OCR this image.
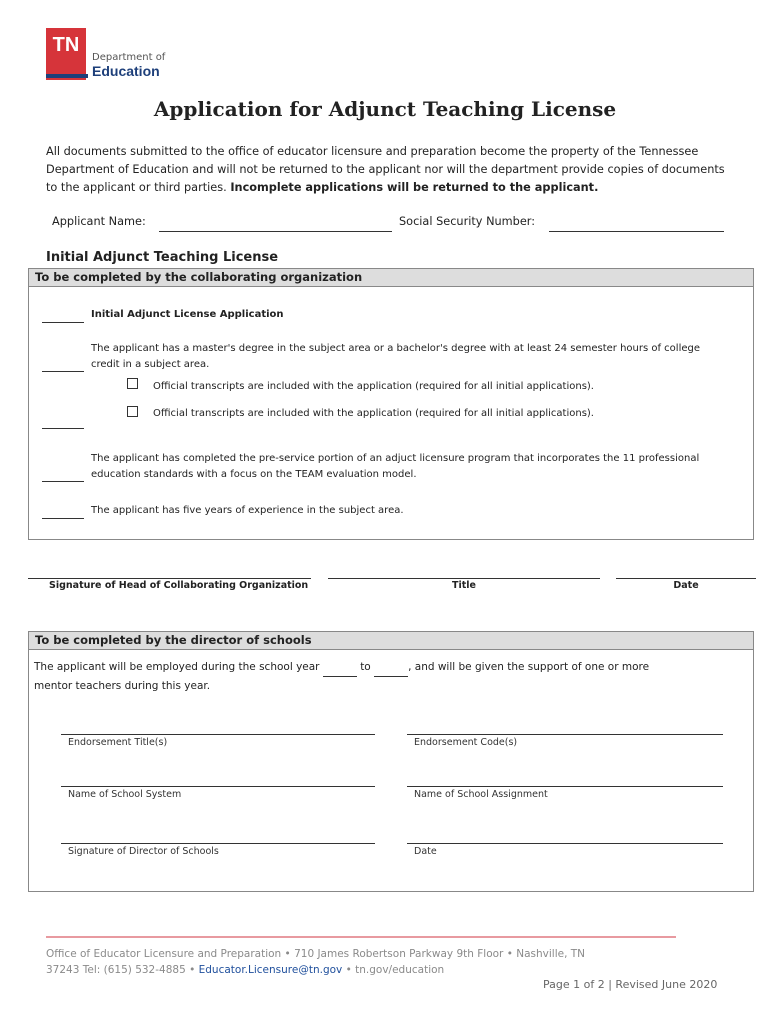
TN
Department of
Education
Application for Adjunct Teaching License
All documents submitted to the office of educator licensure and preparation become the property of the Tennessee Department of Education and will not be returned to the applicant nor will the department provide copies of documents to the applicant or third parties. Incomplete applications will be returned to the applicant.
Applicant Name:	Social Security Number:
Initial Adjunct Teaching License
To be completed by the collaborating organization
Initial Adjunct License Application
The applicant has a master's degree in the subject area or a bachelor's degree with at least 24 semester hours of college credit in a subject area.
Official transcripts are included with the application (required for all initial applications).
Official transcripts are included with the application (required for all initial applications).
The applicant has completed the pre-service portion of an adjuct licensure program that incorporates the 11 professional education standards with a focus on the TEAM evaluation model.
The applicant has five years of experience in the subject area.
Signature of Head of Collaborating Organization	Title	Date
To be completed by the director of schools
The applicant will be employed during the school year	to	, and will be given the support of one or more mentor teachers during this year.
Endorsement Title(s)	Endorsement Code(s)
Name of School System	Name of School Assignment
Signature of Director of Schools	Date
Office of Educator Licensure and Preparation • 710 James Robertson Parkway 9th Floor • Nashville, TN
37243 Tel: (615) 532-4885 • Educator.Licensure@tn.gov • tn.gov/education
Page 1 of 2 | Revised June 2020
